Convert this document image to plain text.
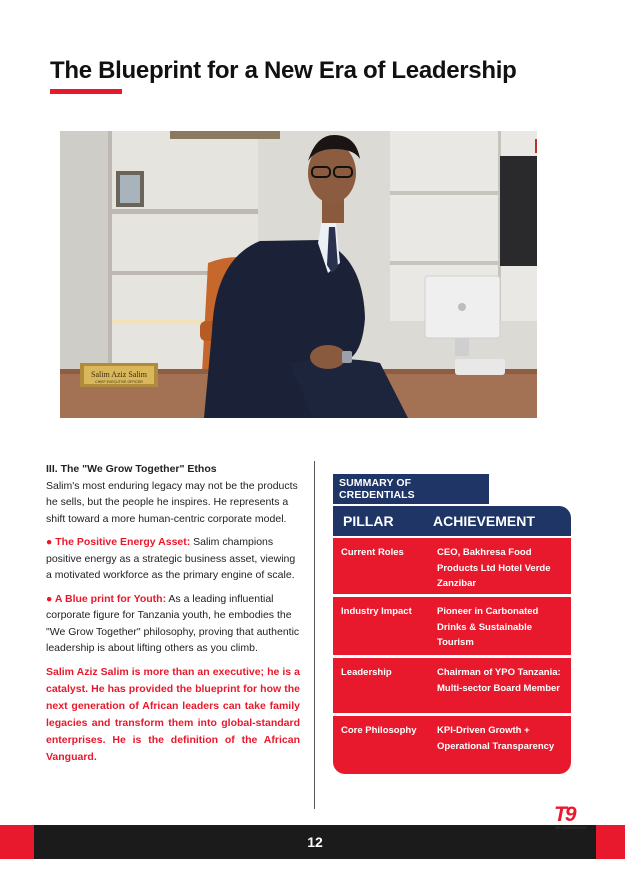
The Blueprint for a New Era of Leadership
Salim Aziz Salim
CHIEF EXECUTIVE OFFICER
III. The "We Grow Together" Ethos

Salim's most enduring legacy may not be the products he sells, but the people he inspires. He represents a shift toward a more human-centric corporate model.

● The Positive Energy Asset: Salim champions positive energy as a strategic business asset, viewing a motivated workforce as the primary engine of scale.

● A Blue print for Youth: As a leading influential corporate figure for Tanzania youth, he embodies the "We Grow Together" philosophy, proving that authentic leadership is about lifting others as you climb.

Salim Aziz Salim is more than an executive; he is a catalyst. He has provided the blueprint for how the next generation of African leaders can take family legacies and transform them into global-standard enterprises. He is the definition of the African Vanguard.

SUMMARY OF CREDENTIALS
PILLAR	ACHIEVEMENT
Current Roles	CEO, Bakhresa Food Products Ltd Hotel Verde Zanzibar
Industry Impact	Pioneer in Carbonated Drinks & Sustainable Tourism
Leadership	Chairman of YPO Tanzania: Multi-sector Board Member
Core Philosophy	KPI-Driven Growth + Operational Transparency
12
T9
BE LEADERSHIP
